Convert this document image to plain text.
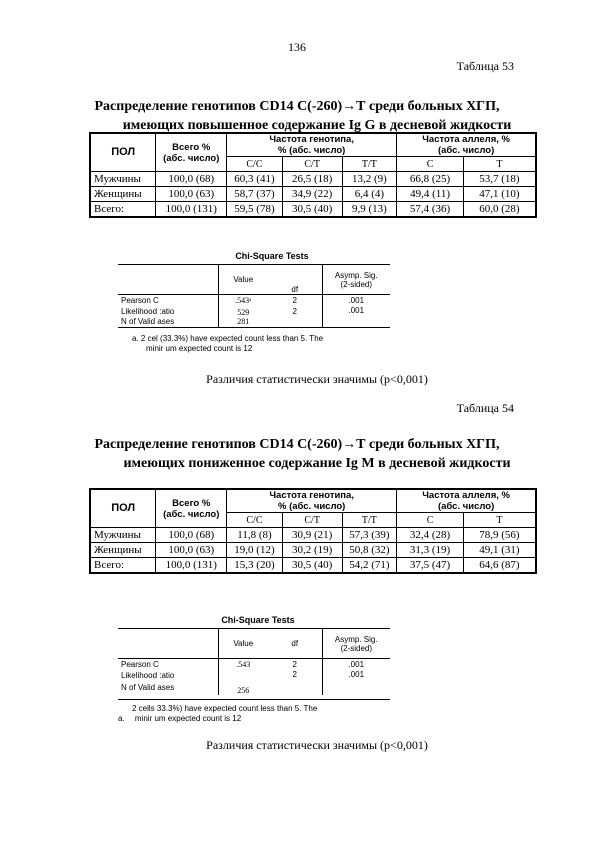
136
Таблица 53
Распределение генотипов CD14 С(-260)→Т среди больных ХГП,
имеющих повышенное содержание Ig G в десневой жидкости
ПОЛ	Всего %
(абс. число)	Частота генотипа,
% (абс. число)			Частота аллеля, %
(абс. число)	
		C/C	C/T	T/T	C	T
Мужчины	100,0 (68)	60,3 (41)	26,5 (18)	13,2 (9)	66,8 (25)	53,7 (18)
Женщины	100,0 (63)	58,7 (37)	34,9 (22)	6,4 (4)	49,4 (11)	47,1 (10)
Всего:	100,0 (131)	59,5 (78)	30,5 (40)	9,9 (13)	57,4 (36)	60,0 (28)
Chi-Square Tests
	Value	df	Asymp. Sig.
(2-sided)
Pearson C	.543ᵃ	2	.001
Likelihood :atio	529	2	.001
N of Valid ases	281		
a. 2 cel (33.3%) have expected count less than 5. The
minir um expected count is 12
Различия статистически значимы (p<0,001)
Таблица 54
Распределение генотипов CD14 С(-260)→Т среди больных ХГП,
имеющих пониженное содержание Ig M в десневой жидкости
ПОЛ	Всего %
(абс. число)	Частота генотипа,
% (абс. число)			Частота аллеля, %
(абс. число)	
		C/C	C/T	T/T	C	T
Мужчины	100,0 (68)	11,8 (8)	30,9 (21)	57,3 (39)	32,4 (28)	78,9 (56)
Женщины	100,0 (63)	19,0 (12)	30,2 (19)	50,8 (32)	31,3 (19)	49,1 (31)
Всего:	100,0 (131)	15,3 (20)	30,5 (40)	54,2 (71)	37,5 (47)	64,6 (87)
Chi-Square Tests
	Value	df	Asymp. Sig.
(2-sided)
Pearson C	.543	2	.001
Likelihood :atio		2	.001
N of Valid ases	256		
2 cells 33.3%) have expected count less than 5. The
a. minir um expected count is 12
Различия статистически значимы (p<0,001)
